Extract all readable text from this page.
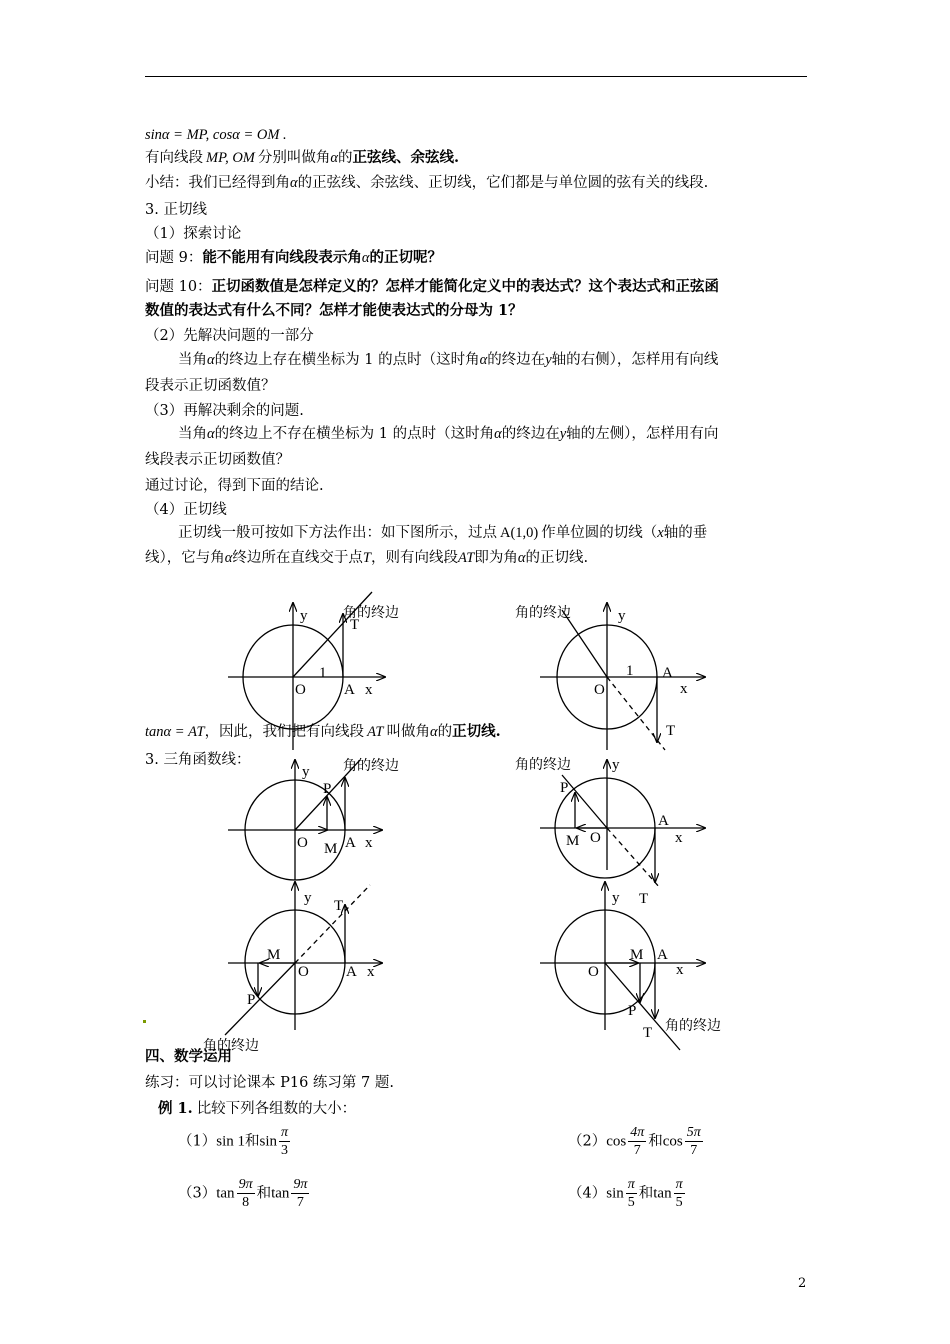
sinα = MP, cosα = OM .
有向线段 MP, OM 分别叫做角α的正弦线、余弦线.
小结：我们已经得到角α的正弦线、余弦线、正切线，它们都是与单位圆的弦有关的线段.
3. 正切线
（1）探索讨论
问题 9：能不能用有向线段表示角α的正切呢？
问题 10：正切函数值是怎样定义的？怎样才能简化定义中的表达式？这个表达式和正弦函
数值的表达式有什么不同？怎样才能使表达式的分母为 1？
（2）先解决问题的一部分
当角α的终边上存在横坐标为 1 的点时（这时角α的终边在y轴的右侧），怎样用有向线
段表示正切函数值？
（3）再解决剩余的问题.
当角α的终边上不存在横坐标为 1 的点时（这时角α的终边在y轴的左侧），怎样用有向
线段表示正切函数值？
通过讨论，得到下面的结论.
（4）正切线
正切线一般可按如下方法作出：如下图所示，过点 A(1,0) 作单位圆的切线（x轴的垂
线），它与角α终边所在直线交于点T，则有向线段AT即为角α的正切线.
y	角的终边
T
1
O	A x
角的终边	y
1 A
O	x
T
y 角的终边
P
O M A x
角的终边	y
P
A
M O	x
y T
M
O A x
P
角的终边
y T
M A
O	x
P
角的终边
T
tanα = AT，因此，我们把有向线段 AT 叫做角α的正切线.
3. 三角函数线：
四、数学运用
练习：可以讨论课本 P16 练习第 7 题.
例 1. 比较下列各组数的大小：
（1）sin 1和$\sin \frac{\pi}{3}$	$(2)\cos \frac{4\pi}{7}$ 和$\cos \frac{5\pi}{7}$
$(3)\tan \frac{9\pi}{8}$ 和$\tan \frac{9\pi}{7}$	$(4)\sin \frac{\pi}{5}$ 和$\tan \frac{\pi}{5}$
2
